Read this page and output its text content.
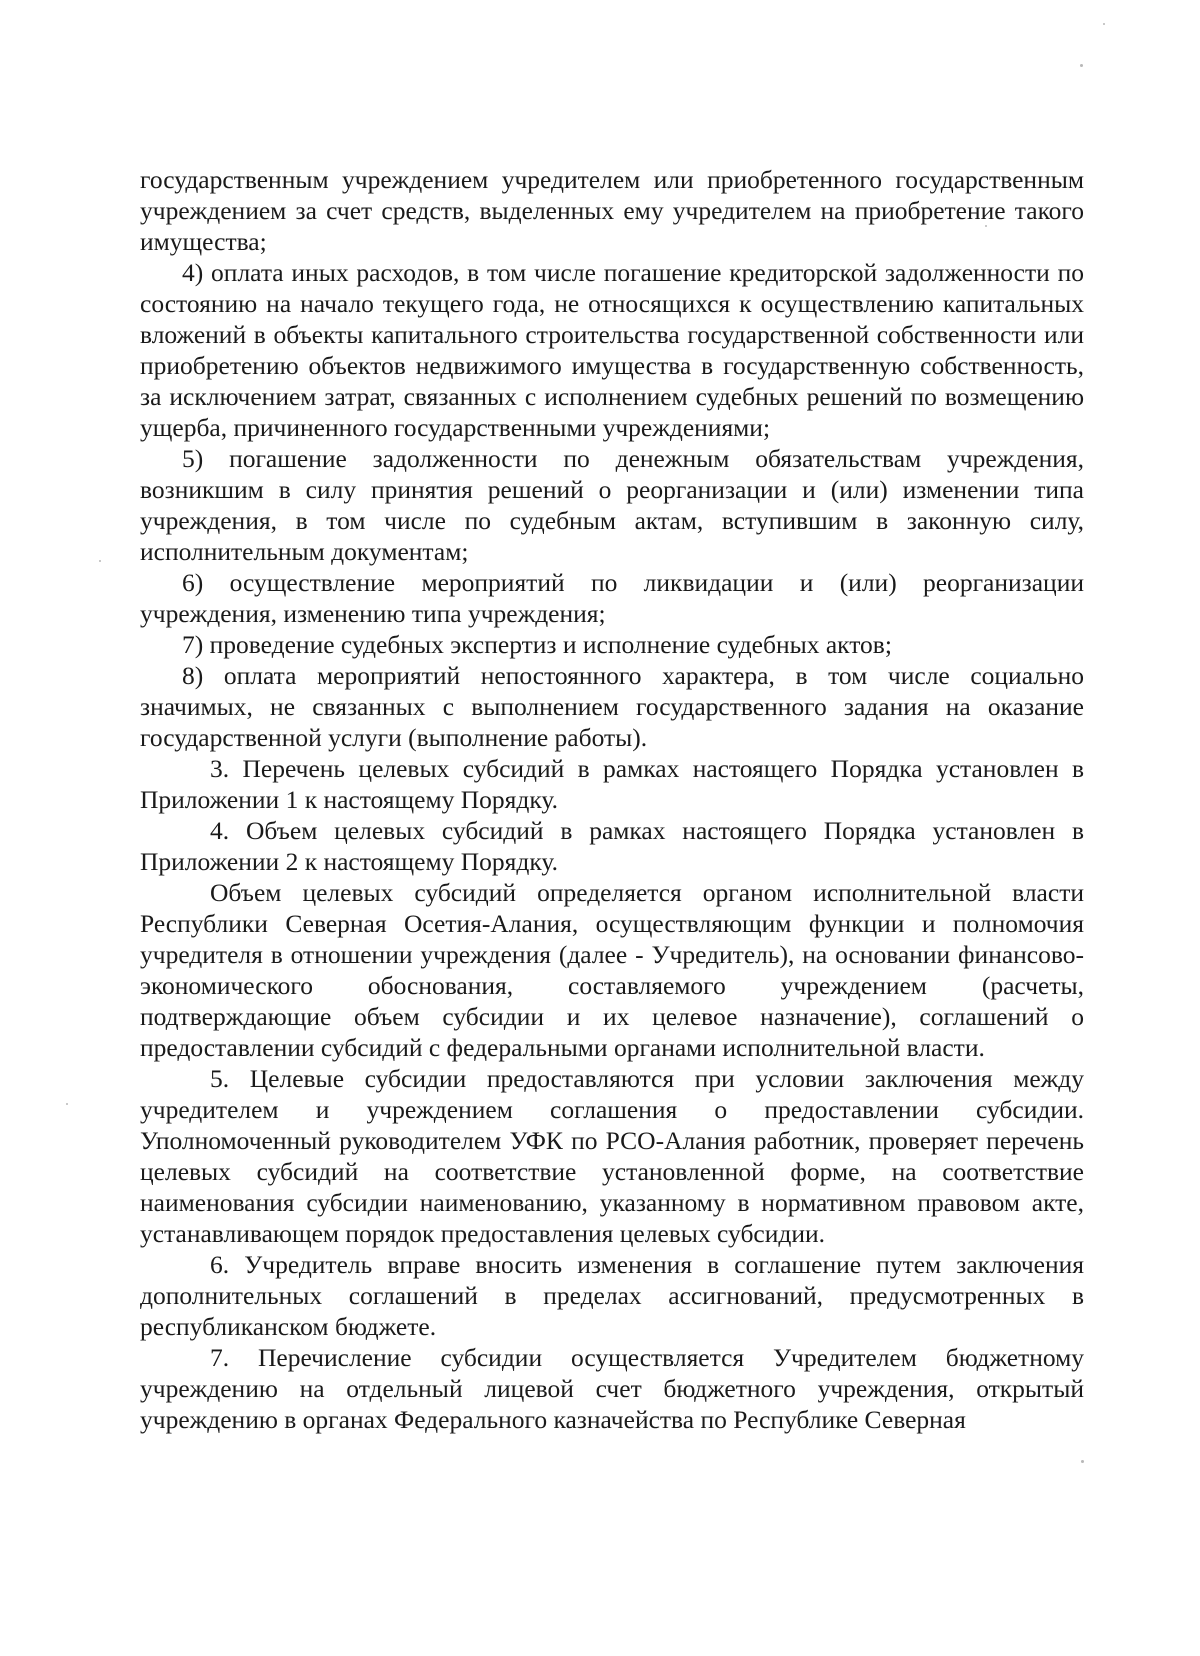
государственным учреждением учредителем или приобретенного государственным учреждением за счет средств, выделенных ему учредителем на приобретение такого имущества;

4) оплата иных расходов, в том числе погашение кредиторской задолженности по состоянию на начало текущего года, не относящихся к осуществлению капитальных вложений в объекты капитального строительства государственной собственности или приобретению объектов недвижимого имущества в государственную собственность, за исключением затрат, связанных с исполнением судебных решений по возмещению ущерба, причиненного государственными учреждениями;

5) погашение задолженности по денежным обязательствам учреждения, возникшим в силу принятия решений о реорганизации и (или) изменении типа учреждения, в том числе по судебным актам, вступившим в законную силу, исполнительным документам;

6) осуществление мероприятий по ликвидации и (или) реорганизации учреждения, изменению типа учреждения;

7) проведение судебных экспертиз и исполнение судебных актов;

8) оплата мероприятий непостоянного характера, в том числе социально значимых, не связанных с выполнением государственного задания на оказание государственной услуги (выполнение работы).

3. Перечень целевых субсидий в рамках настоящего Порядка установлен в Приложении 1 к настоящему Порядку.

4. Объем целевых субсидий в рамках настоящего Порядка установлен в Приложении 2 к настоящему Порядку.

Объем целевых субсидий определяется органом исполнительной власти Республики Северная Осетия-Алания, осуществляющим функции и полномочия учредителя в отношении учреждения (далее - Учредитель), на основании финансово-экономического обоснования, составляемого учреждением (расчеты, подтверждающие объем субсидии и их целевое назначение), соглашений о предоставлении субсидий с федеральными органами исполнительной власти.

5. Целевые субсидии предоставляются при условии заключения между учредителем и учреждением соглашения о предоставлении субсидии. Уполномоченный руководителем УФК по РСО-Алания работник, проверяет перечень целевых субсидий на соответствие установленной форме, на соответствие наименования субсидии наименованию, указанному в нормативном правовом акте, устанавливающем порядок предоставления целевых субсидии.

6. Учредитель вправе вносить изменения в соглашение путем заключения дополнительных соглашений в пределах ассигнований, предусмотренных в республиканском бюджете.

7. Перечисление субсидии осуществляется Учредителем бюджетному учреждению на отдельный лицевой счет бюджетного учреждения, открытый учреждению в органах Федерального казначейства по Республике Северная
